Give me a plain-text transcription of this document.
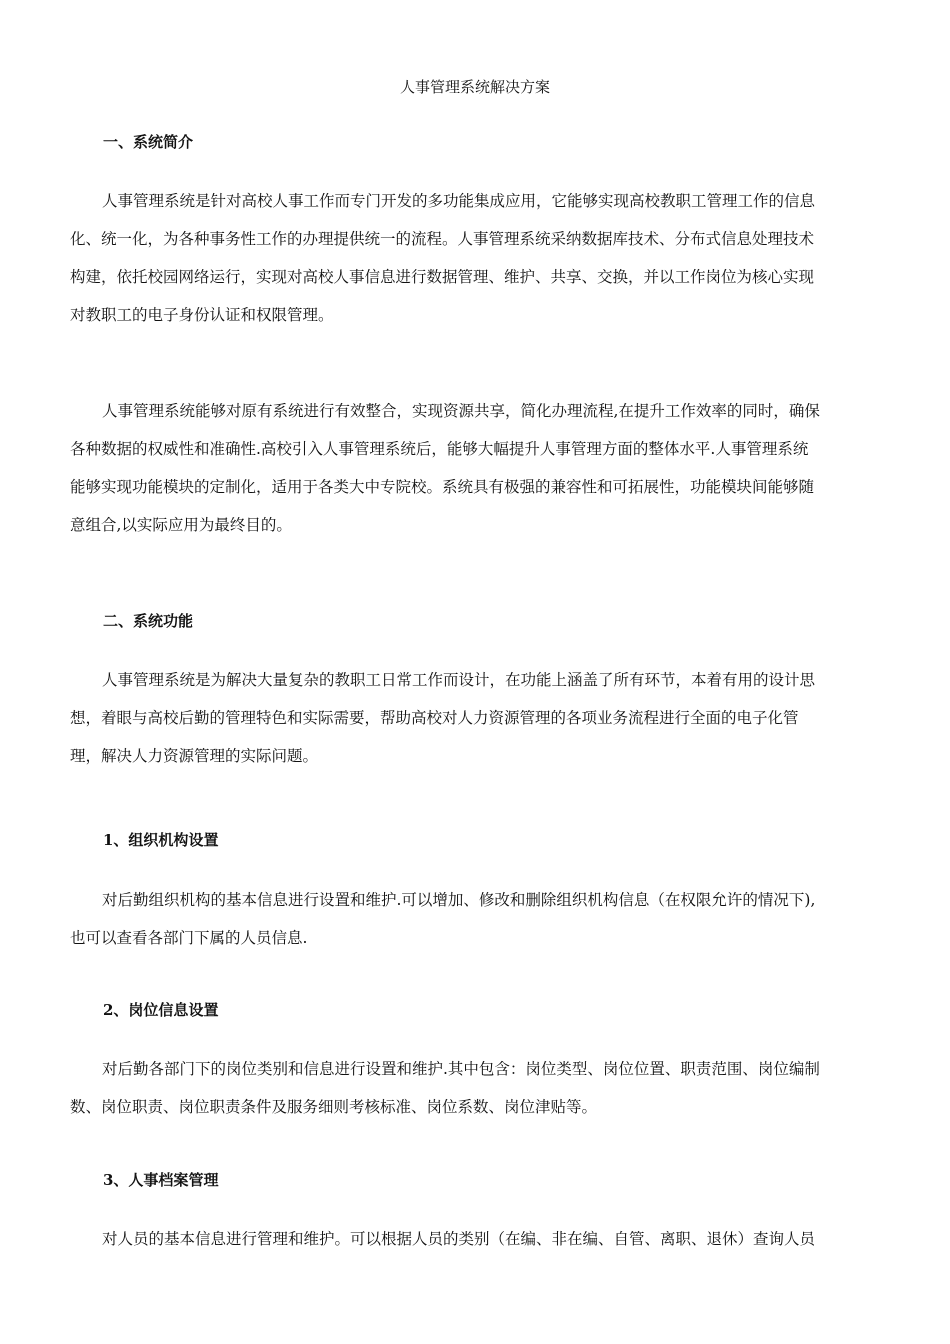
人事管理系统解决方案
一、系统简介
人事管理系统是针对高校人事工作而专门开发的多功能集成应用，它能够实现高校教职工管理工作的信息
化、统一化，为各种事务性工作的办理提供统一的流程。人事管理系统采纳数据库技术、分布式信息处理技术
构建，依托校园网络运行，实现对高校人事信息进行数据管理、维护、共享、交换，并以工作岗位为核心实现
对教职工的电子身份认证和权限管理。
人事管理系统能够对原有系统进行有效整合，实现资源共享，简化办理流程,在提升工作效率的同时，确保
各种数据的权威性和准确性.高校引入人事管理系统后，能够大幅提升人事管理方面的整体水平.人事管理系统
能够实现功能模块的定制化，适用于各类大中专院校。系统具有极强的兼容性和可拓展性，功能模块间能够随
意组合,以实际应用为最终目的。
二、系统功能
人事管理系统是为解决大量复杂的教职工日常工作而设计，在功能上涵盖了所有环节，本着有用的设计思
想，着眼与高校后勤的管理特色和实际需要，帮助高校对人力资源管理的各项业务流程进行全面的电子化管
理，解决人力资源管理的实际问题。
1、组织机构设置
对后勤组织机构的基本信息进行设置和维护.可以增加、修改和删除组织机构信息（在权限允许的情况下),
也可以查看各部门下属的人员信息.
2、岗位信息设置
对后勤各部门下的岗位类别和信息进行设置和维护.其中包含：岗位类型、岗位位置、职责范围、岗位编制
数、岗位职责、岗位职责条件及服务细则考核标准、岗位系数、岗位津贴等。
3、人事档案管理
对人员的基本信息进行管理和维护。可以根据人员的类别（在编、非在编、自管、离职、退休）查询人员
